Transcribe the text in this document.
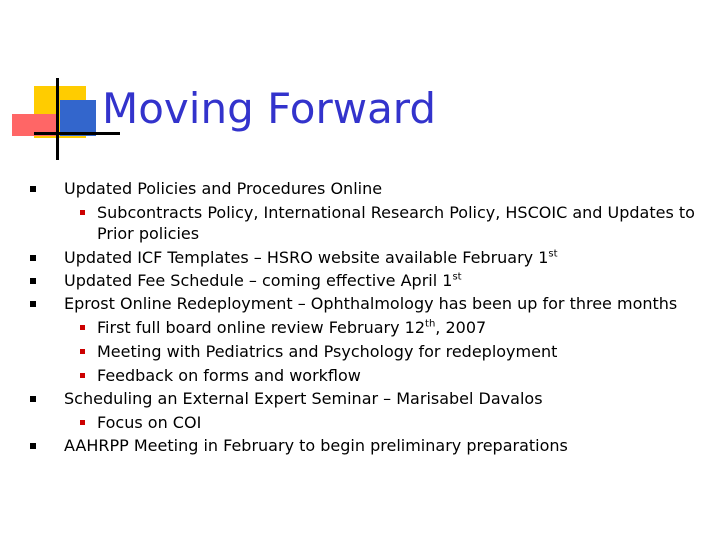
Moving Forward
Updated Policies and Procedures Online
Subcontracts Policy, International Research Policy, HSCOIC and Updates to
Prior policies
Updated ICF Templates – HSRO website available February 1st
Updated Fee Schedule – coming effective April 1st
Eprost Online Redeployment – Ophthalmology has been up for three months
First full board online review February 12th, 2007
Meeting with Pediatrics and Psychology for redeployment
Feedback on forms and workflow
Scheduling an External Expert Seminar – Marisabel Davalos
Focus on COI
AAHRPP Meeting in February to begin preliminary preparations
